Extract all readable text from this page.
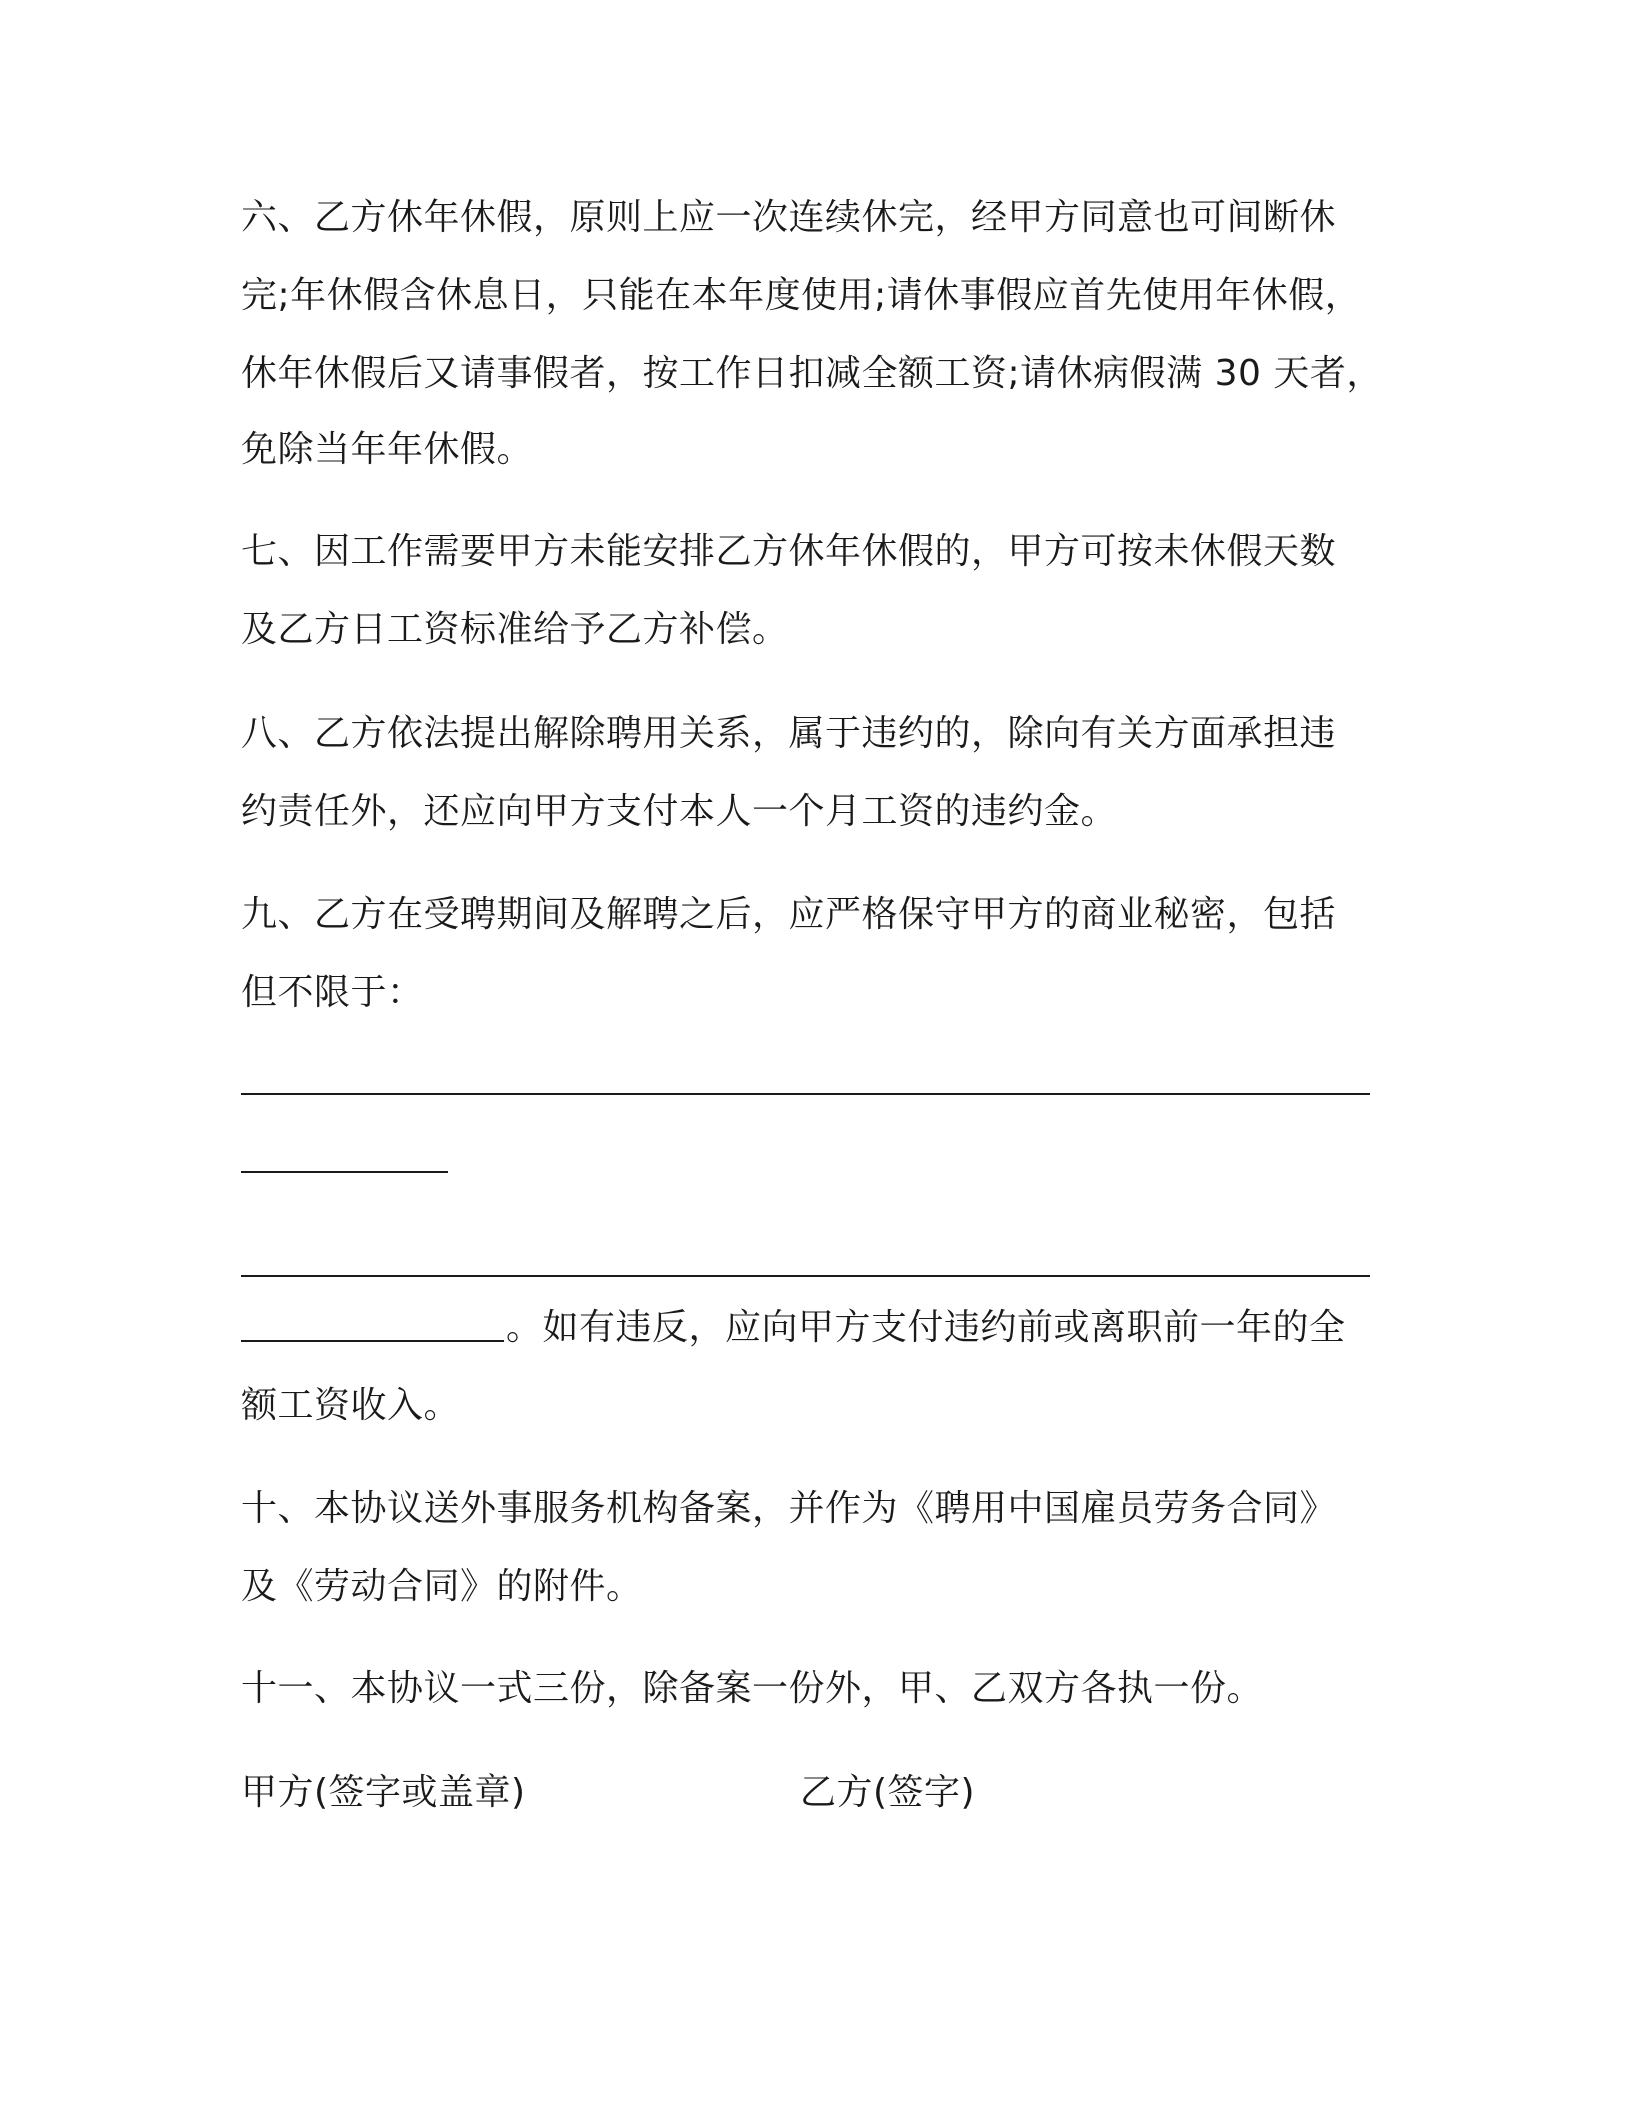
六、乙方休年休假，原则上应一次连续休完，经甲方同意也可间断休
完;年休假含休息日，只能在本年度使用;请休事假应首先使用年休假，
休年休假后又请事假者，按工作日扣减全额工资;请休病假满 30 天者，
免除当年年休假。
七、因工作需要甲方未能安排乙方休年休假的，甲方可按未休假天数
及乙方日工资标准给予乙方补偿。
八、乙方依法提出解除聘用关系，属于违约的，除向有关方面承担违
约责任外，还应向甲方支付本人一个月工资的违约金。
九、乙方在受聘期间及解聘之后，应严格保守甲方的商业秘密，包括
但不限于：
。如有违反，应向甲方支付违约前或离职前一年的全
额工资收入。
十、本协议送外事服务机构备案，并作为《聘用中国雇员劳务合同》
及《劳动合同》的附件。
十一、本协议一式三份，除备案一份外，甲、乙双方各执一份。
甲方(签字或盖章)	乙方(签字)
